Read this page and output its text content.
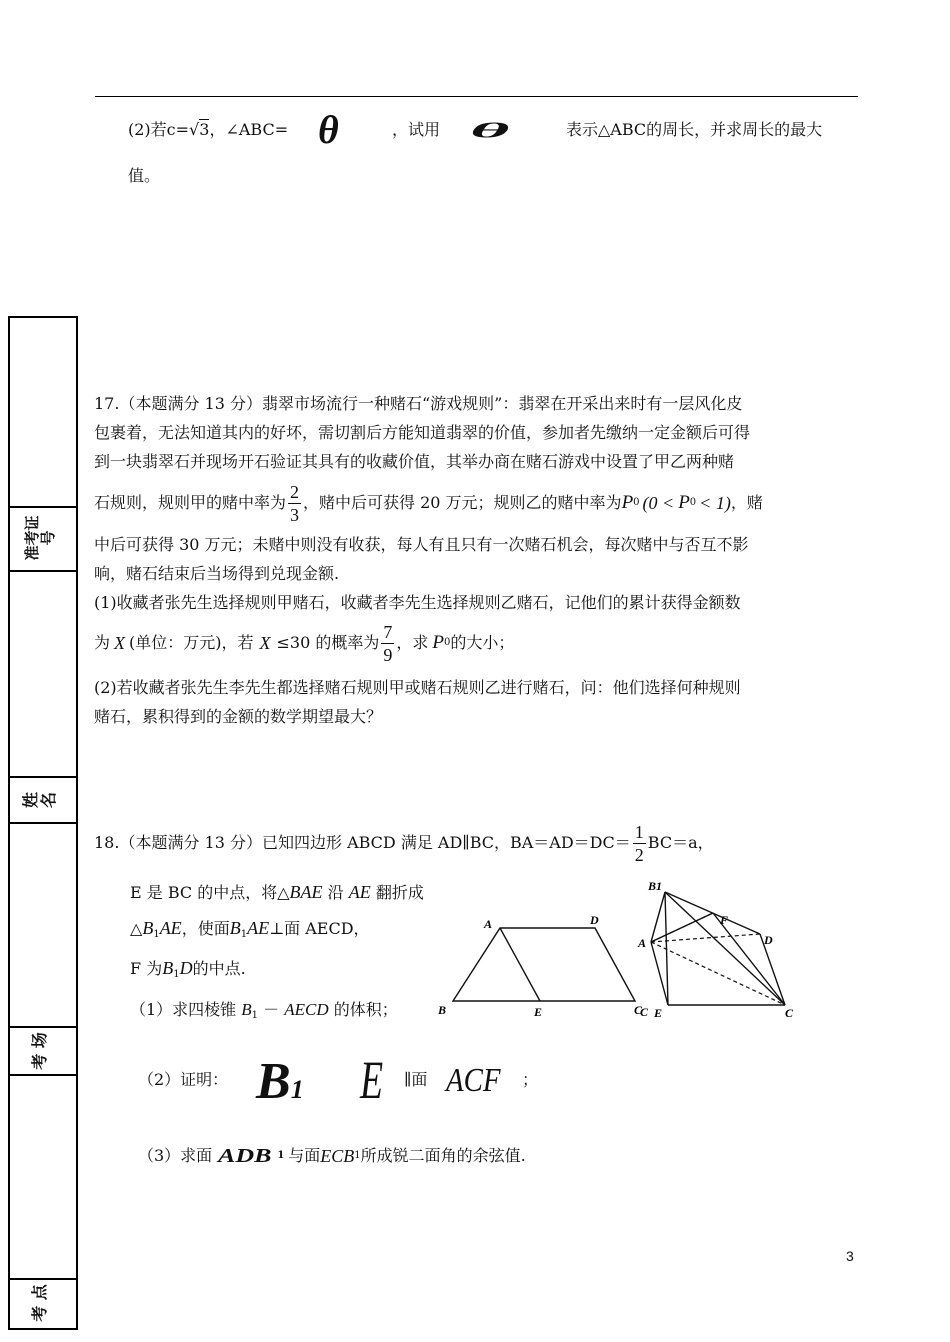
(2)若c=√3，∠ABC= θ	，试用 θ	表示△ABC的周长，并求周长的最大
值。
准考证号
姓 名
考 场
考 点
17.（本题满分 13 分）翡翠市场流行一种赌石“游戏规则”：翡翠在开采出来时有一层风化皮
包裹着，无法知道其内的好坏，需切割后方能知道翡翠的价值，参加者先缴纳一定金额后可得
到一块翡翠石并现场开石验证其具有的收藏价值，其举办商在赌石游戏中设置了甲乙两种赌
石规则，规则甲的赌中率为 $\frac{2}{3}$ ，赌中后可获得 20 万元；规则乙的赌中率为 P 0 (0 < P 0 < 1) ，赌
中后可获得 30 万元；未赌中则没有收获，每人有且只有一次赌石机会，每次赌中与否互不影
响，赌石结束后当场得到兑现金额.
(1)收藏者张先生选择规则甲赌石，收藏者李先生选择规则乙赌石，记他们的累计获得金额数
为 X (单位：万元)，若 X ≤30 的概率为 $\frac{7}{9}$ ，求 P 0 的大小；
(2)若收藏者张先生李先生都选择赌石规则甲或赌石规则乙进行赌石，问：他们选择何种规则
赌石，累积得到的金额的数学期望最大？
18.（本题满分 13 分）已知四边形 ABCD 满足 AD∥BC，$BA=AD=DC= \frac{1}{2} BC=a$，
E 是 BC 的中点，将△BAE 沿 AE 翻折成
$\triangle B_1AE$，使面$B_1AE\perp$面 AECD，
F 为$B_1D$的中点.
（1）求四棱锥 $B_1$ － AECD 的体积；
（2）证明： B1 E ∥面 ACF ；
（3）求面 ADB 1 与面 ECB 1 所成锐二面角的余弦值.
A	D
B	E	C
B1
F
A	D
C E	C
3
